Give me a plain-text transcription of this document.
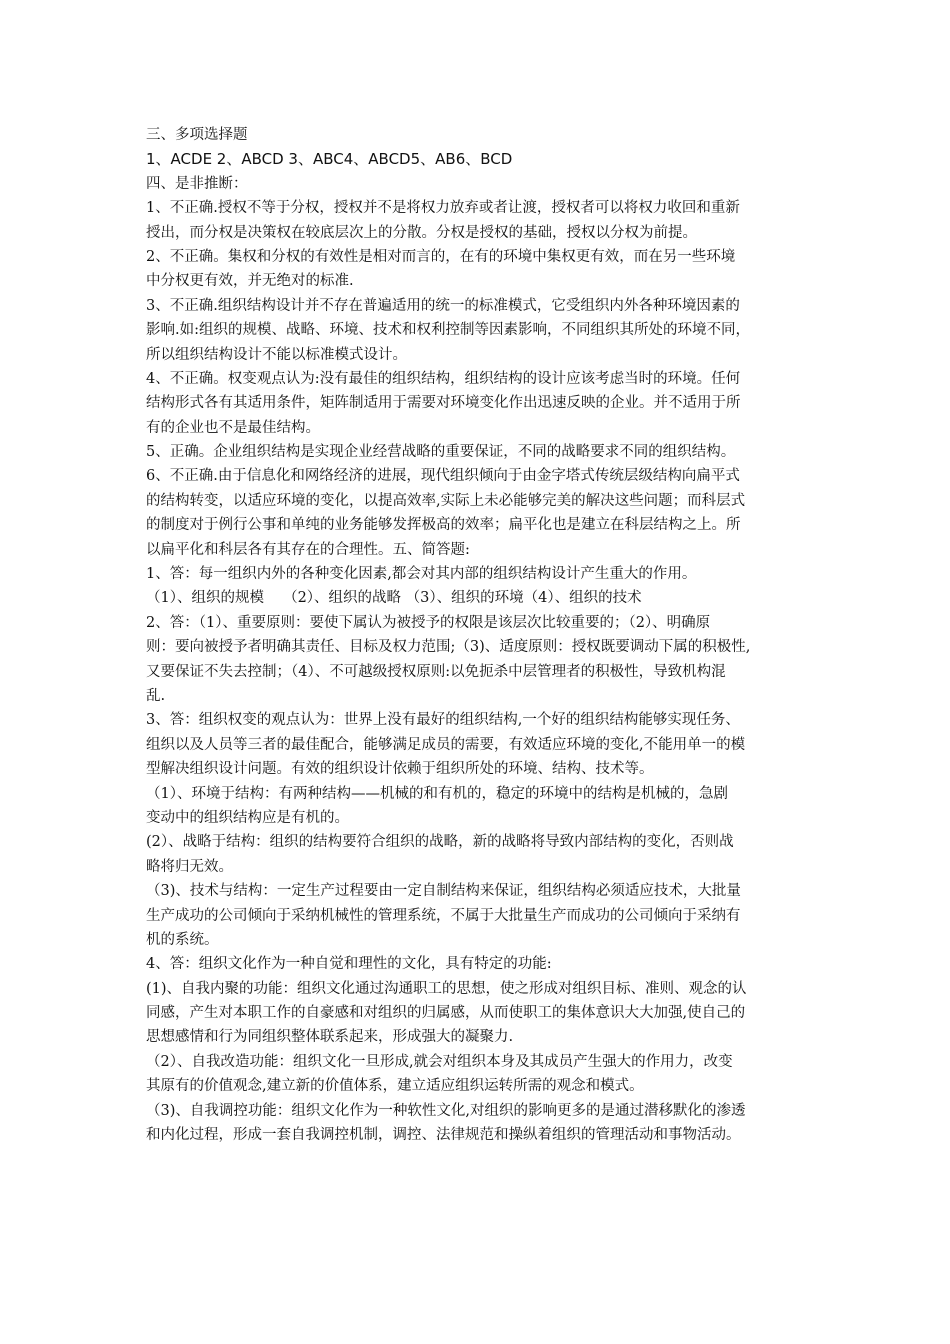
三、多项选择题
1、ACDE 2、ABCD 3、ABC4、ABCD5、AB6、BCD
四、是非推断：
1、不正确.授权不等于分权，授权并不是将权力放弃或者让渡，授权者可以将权力收回和重新
授出，而分权是决策权在较底层次上的分散。分权是授权的基础，授权以分权为前提。
2、不正确。集权和分权的有效性是相对而言的，在有的环境中集权更有效，而在另一些环境
中分权更有效，并无绝对的标准.
3、不正确.组织结构设计并不存在普遍适用的统一的标准模式，它受组织内外各种环境因素的
影响.如:组织的规模、战略、环境、技术和权利控制等因素影响，不同组织其所处的环境不同，
所以组织结构设计不能以标准模式设计。
4、不正确。权变观点认为:没有最佳的组织结构，组织结构的设计应该考虑当时的环境。任何
结构形式各有其适用条件，矩阵制适用于需要对环境变化作出迅速反映的企业。并不适用于所
有的企业也不是最佳结构。
5、正确。企业组织结构是实现企业经营战略的重要保证，不同的战略要求不同的组织结构。
6、不正确.由于信息化和网络经济的进展，现代组织倾向于由金字塔式传统层级结构向扁平式
的结构转变，以适应环境的变化，以提高效率,实际上未必能够完美的解决这些问题；而科层式
的制度对于例行公事和单纯的业务能够发挥极高的效率；扁平化也是建立在科层结构之上。所
以扁平化和科层各有其存在的合理性。五、简答题:
1、答：每一组织内外的各种变化因素,都会对其内部的组织结构设计产生重大的作用。
（1）、组织的规模　 （2）、组织的战略 （3）、组织的环境（4）、组织的技术
2、答：（1）、重要原则：要使下属认为被授予的权限是该层次比较重要的；（2）、明确原
则：要向被授予者明确其责任、目标及权力范围;（3)、适度原则：授权既要调动下属的积极性,
又要保证不失去控制；（4）、不可越级授权原则:以免扼杀中层管理者的积极性，导致机构混
乱.
3、答：组织权变的观点认为：世界上没有最好的组织结构,一个好的组织结构能够实现任务、
组织以及人员等三者的最佳配合，能够满足成员的需要，有效适应环境的变化,不能用单一的模
型解决组织设计问题。有效的组织设计依赖于组织所处的环境、结构、技术等。
（1）、环境于结构：有两种结构——机械的和有机的，稳定的环境中的结构是机械的，急剧
变动中的组织结构应是有机的。
(2）、战略于结构：组织的结构要符合组织的战略，新的战略将导致内部结构的变化，否则战
略将归无效。
（3)、技术与结构：一定生产过程要由一定自制结构来保证，组织结构必须适应技术，大批量
生产成功的公司倾向于采纳机械性的管理系统，不属于大批量生产而成功的公司倾向于采纳有
机的系统。
4、答：组织文化作为一种自觉和理性的文化，具有特定的功能:
(1)、自我内聚的功能：组织文化通过沟通职工的思想，使之形成对组织目标、准则、观念的认
同感，产生对本职工作的自豪感和对组织的归属感，从而使职工的集体意识大大加强,使自己的
思想感情和行为同组织整体联系起来，形成强大的凝聚力.
（2）、自我改造功能：组织文化一旦形成,就会对组织本身及其成员产生强大的作用力，改变
其原有的价值观念,建立新的价值体系，建立适应组织运转所需的观念和模式。
（3)、自我调控功能：组织文化作为一种软性文化,对组织的影响更多的是通过潜移默化的渗透
和内化过程，形成一套自我调控机制，调控、法律规范和操纵着组织的管理活动和事物活动。
